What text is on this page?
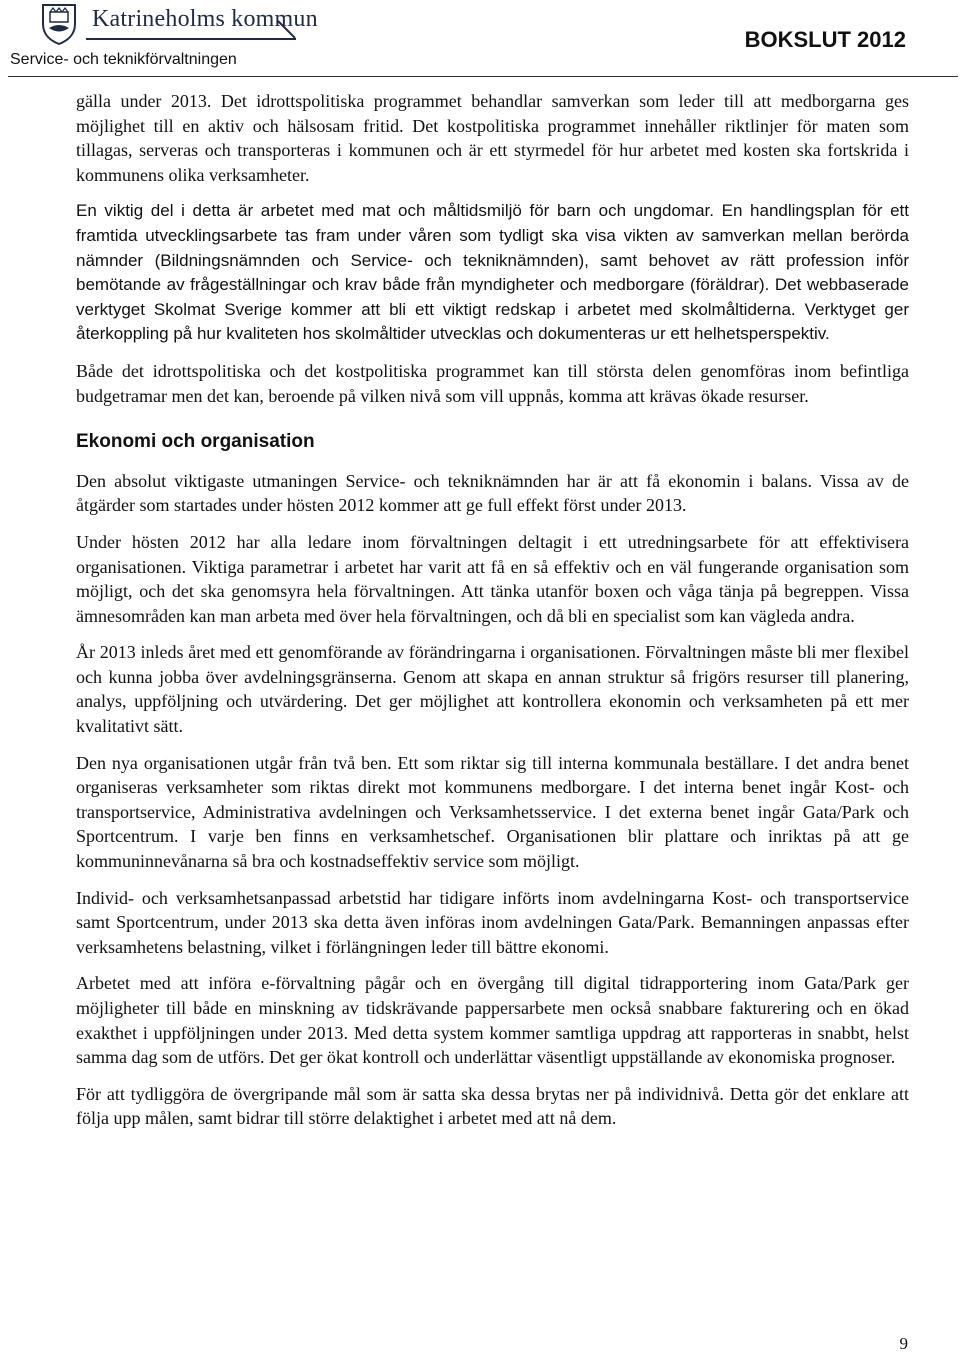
Katrineholms kommun
Service- och teknikförvaltningen
BOKSLUT 2012

gälla under 2013. Det idrottspolitiska programmet behandlar samverkan som leder till att medborgarna ges möjlighet till en aktiv och hälsosam fritid. Det kostpolitiska programmet innehåller riktlinjer för maten som tillagas, serveras och transporteras i kommunen och är ett styrmedel för hur arbetet med kosten ska fortskrida i kommunens olika verksamheter.

En viktig del i detta är arbetet med mat och måltidsmiljö för barn och ungdomar. En handlingsplan för ett framtida utvecklingsarbete tas fram under våren som tydligt ska visa vikten av samverkan mellan berörda nämnder (Bildningsnämnden och Service- och tekniknämnden), samt behovet av rätt profession inför bemötande av frågeställningar och krav både från myndigheter och medborgare (föräldrar). Det webbaserade verktyget Skolmat Sverige kommer att bli ett viktigt redskap i arbetet med skolmåltiderna. Verktyget ger återkoppling på hur kvaliteten hos skolmåltider utvecklas och dokumenteras ur ett helhetsperspektiv.

Både det idrottspolitiska och det kostpolitiska programmet kan till största delen genomföras inom befintliga budgetramar men det kan, beroende på vilken nivå som vill uppnås, komma att krävas ökade resurser.

Ekonomi och organisation

Den absolut viktigaste utmaningen Service- och tekniknämnden har är att få ekonomin i balans. Vissa av de åtgärder som startades under hösten 2012 kommer att ge full effekt först under 2013.

Under hösten 2012 har alla ledare inom förvaltningen deltagit i ett utredningsarbete för att effektivisera organisationen. Viktiga parametrar i arbetet har varit att få en så effektiv och en väl fungerande organisation som möjligt, och det ska genomsyra hela förvaltningen. Att tänka utanför boxen och våga tänja på begreppen. Vissa ämnesområden kan man arbeta med över hela förvaltningen, och då bli en specialist som kan vägleda andra.

År 2013 inleds året med ett genomförande av förändringarna i organisationen. Förvaltningen måste bli mer flexibel och kunna jobba över avdelningsgränserna. Genom att skapa en annan struktur så frigörs resurser till planering, analys, uppföljning och utvärdering. Det ger möjlighet att kontrollera ekonomin och verksamheten på ett mer kvalitativt sätt.

Den nya organisationen utgår från två ben. Ett som riktar sig till interna kommunala beställare. I det andra benet organiseras verksamheter som riktas direkt mot kommunens medborgare. I det interna benet ingår Kost- och transportservice, Administrativa avdelningen och Verksamhetsservice. I det externa benet ingår Gata/Park och Sportcentrum. I varje ben finns en verksamhetschef. Organisationen blir plattare och inriktas på att ge kommuninnevånarna så bra och kostnadseffektiv service som möjligt.

Individ- och verksamhetsanpassad arbetstid har tidigare införts inom avdelningarna Kost- och transportservice samt Sportcentrum, under 2013 ska detta även införas inom avdelningen Gata/Park. Bemanningen anpassas efter verksamhetens belastning, vilket i förlängningen leder till bättre ekonomi.

Arbetet med att införa e-förvaltning pågår och en övergång till digital tidrapportering inom Gata/Park ger möjligheter till både en minskning av tidskrävande pappersarbete men också snabbare fakturering och en ökad exakthet i uppföljningen under 2013. Med detta system kommer samtliga uppdrag att rapporteras in snabbt, helst samma dag som de utförs. Det ger ökat kontroll och underlättar väsentligt uppställande av ekonomiska prognoser.

För att tydliggöra de övergripande mål som är satta ska dessa brytas ner på individnivå. Detta gör det enklare att följa upp målen, samt bidrar till större delaktighet i arbetet med att nå dem.

9
